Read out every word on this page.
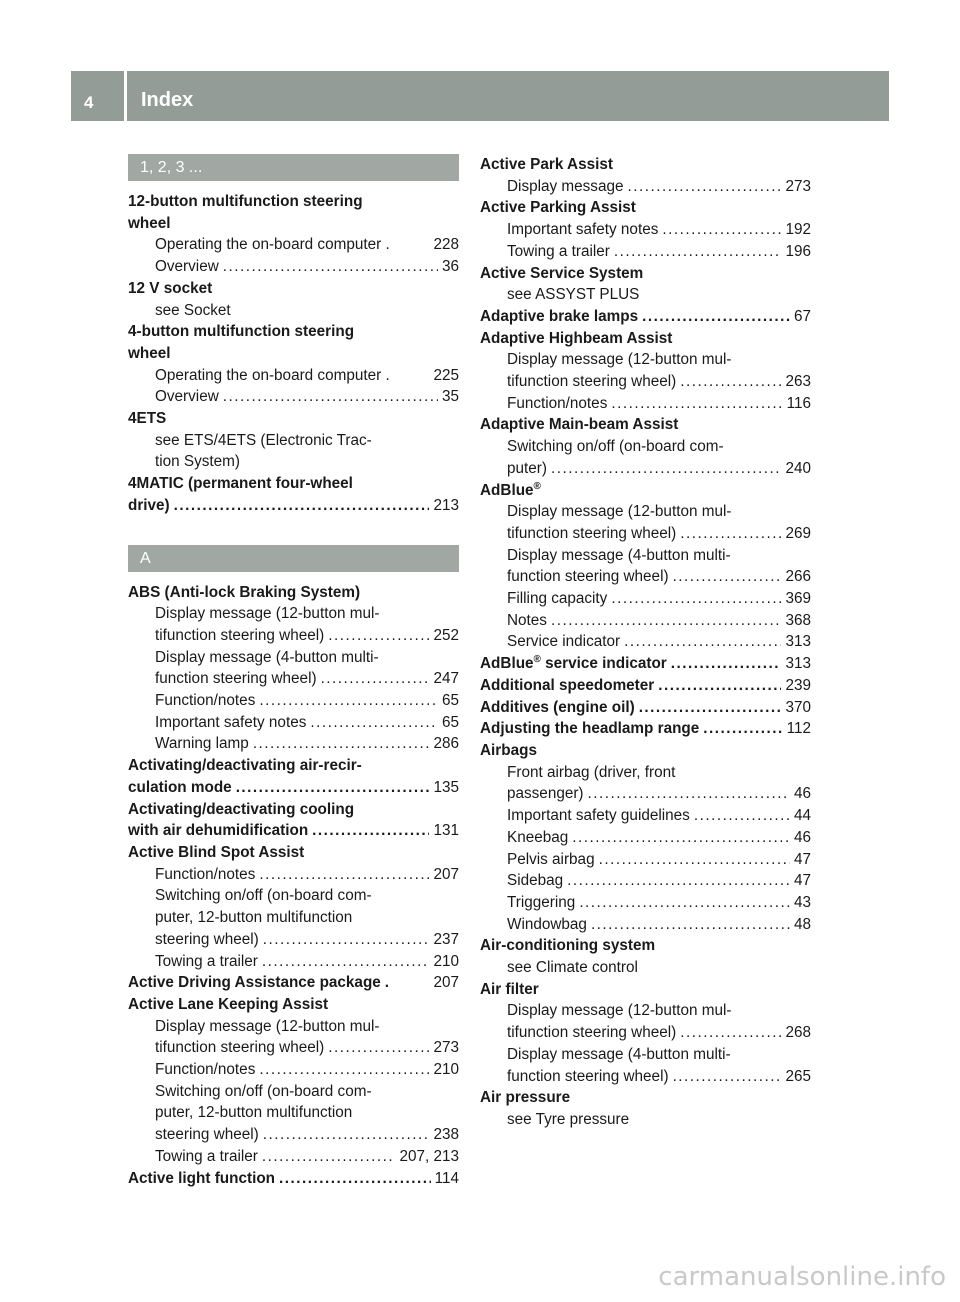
4 Index
1, 2, 3 ...
12-button multifunction steering
wheel
Operating the on-board computer .	228
Overview .....	36
12 V socket
see Socket
4-button multifunction steering
wheel
Operating the on-board computer .	225
Overview .....	35
4ETS
see ETS/4ETS (Electronic Trac-
tion System)
4MATIC (permanent four-wheel
drive) .....	213
A
ABS (Anti-lock Braking System)
Display message (12-button mul-
tifunction steering wheel) .....	252
Display message (4-button multi-
function steering wheel) .....	247
Function/notes .....	65
Important safety notes .....	65
Warning lamp .....	286
Activating/deactivating air-recir-
culation mode .....	135
Activating/deactivating cooling
with air dehumidification .....	131
Active Blind Spot Assist
Function/notes .....	207
Switching on/off (on-board com-
puter, 12-button multifunction
steering wheel) .....	237
Towing a trailer .....	210
Active Driving Assistance package .	207
Active Lane Keeping Assist
Display message (12-button mul-
tifunction steering wheel) .....	273
Function/notes .....	210
Switching on/off (on-board com-
puter, 12-button multifunction
steering wheel) .....	238
Towing a trailer .....	207, 213
Active light function .....	114
Active Park Assist
Display message .....	273
Active Parking Assist
Important safety notes .....	192
Towing a trailer .....	196
Active Service System
see ASSYST PLUS
Adaptive brake lamps .....	67
Adaptive Highbeam Assist
Display message (12-button mul-
tifunction steering wheel) .....	263
Function/notes .....	116
Adaptive Main-beam Assist
Switching on/off (on-board com-
puter) .....	240
AdBlue®
Display message (12-button mul-
tifunction steering wheel) .....	269
Display message (4-button multi-
function steering wheel) .....	266
Filling capacity .....	369
Notes .....	368
Service indicator .....	313
AdBlue® service indicator .....	313
Additional speedometer .....	239
Additives (engine oil) .....	370
Adjusting the headlamp range .....	112
Airbags
Front airbag (driver, front
passenger) .....	46
Important safety guidelines .....	44
Kneebag .....	46
Pelvis airbag .....	47
Sidebag .....	47
Triggering .....	43
Windowbag .....	48
Air-conditioning system
see Climate control
Air filter
Display message (12-button mul-
tifunction steering wheel) .....	268
Display message (4-button multi-
function steering wheel) .....	265
Air pressure
see Tyre pressure
carmanualsonline.info
